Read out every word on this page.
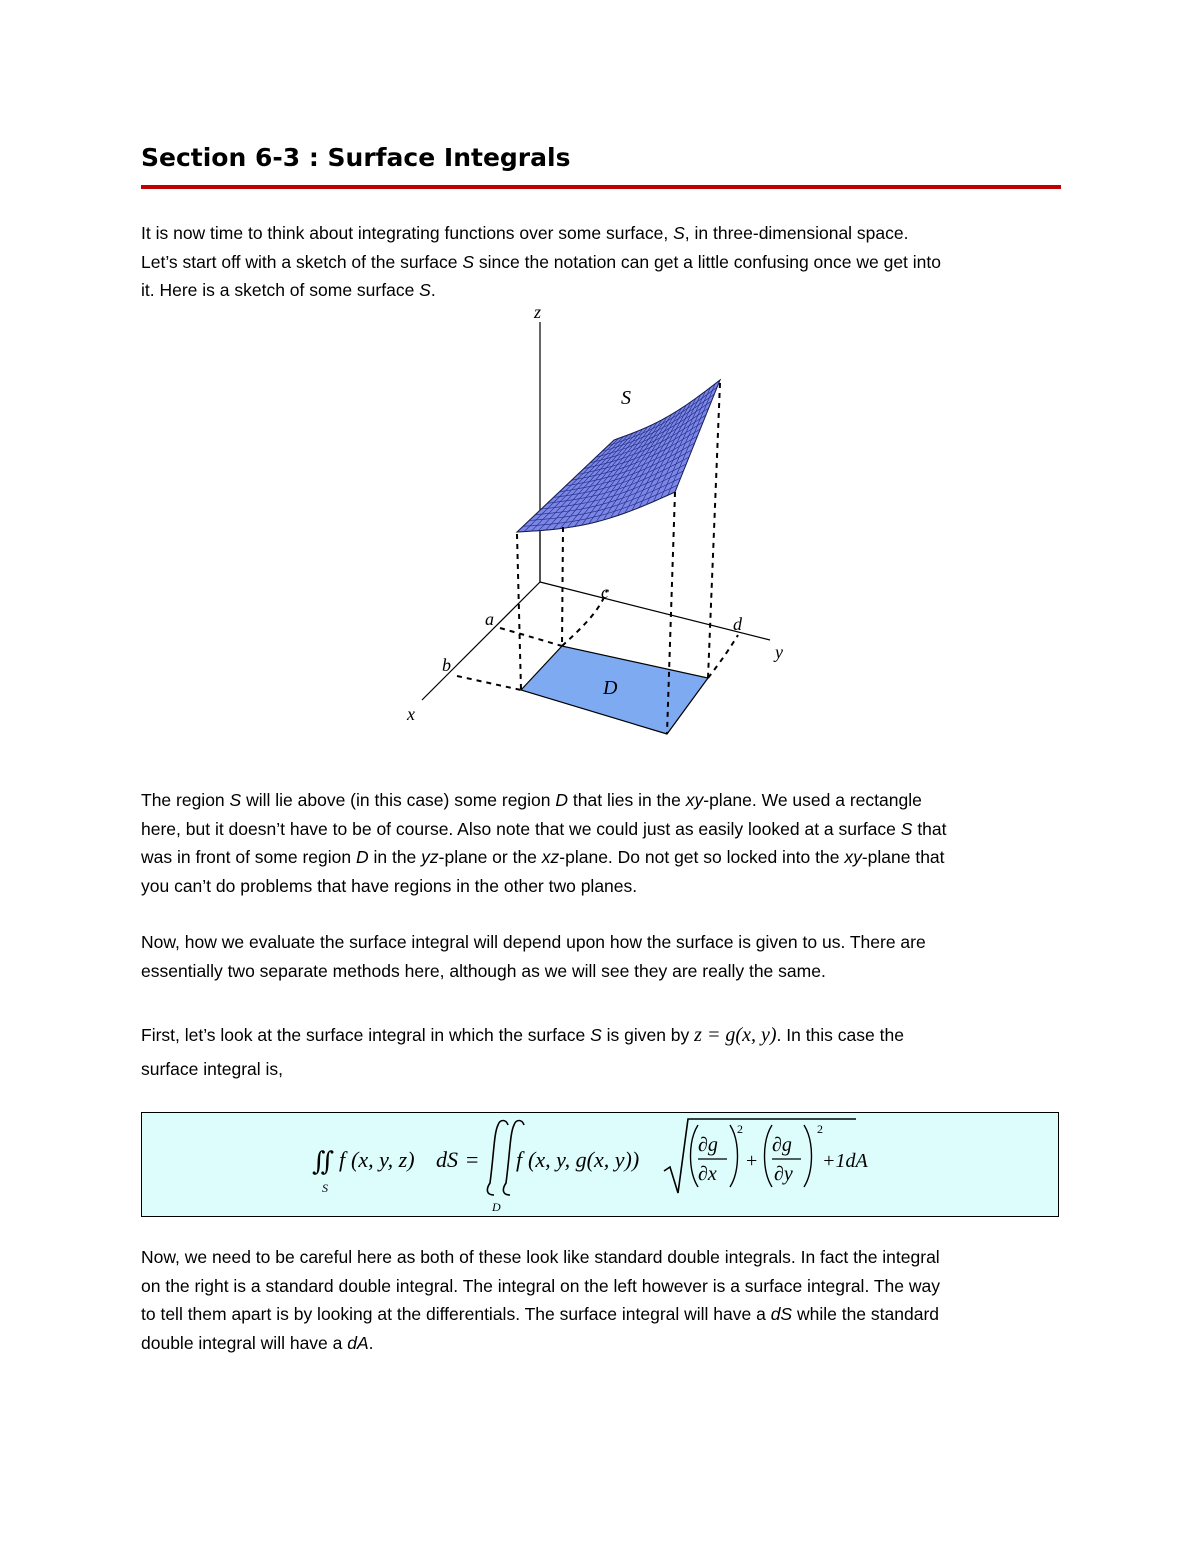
Section 6-3 : Surface Integrals

It is now time to think about integrating functions over some surface, S, in three-dimensional space.
Let’s start off with a sketch of the surface S since the notation can get a little confusing once we get into
it. Here is a sketch of some surface S.

z
y
x
S
D
a
b
c
d

The region S will lie above (in this case) some region D that lies in the xy-plane. We used a rectangle
here, but it doesn’t have to be of course. Also note that we could just as easily looked at a surface S that
was in front of some region D in the yz-plane or the xz-plane. Do not get so locked into the xy-plane that
you can’t do problems that have regions in the other two planes.

Now, how we evaluate the surface integral will depend upon how the surface is given to us. There are
essentially two separate methods here, although as we will see they are really the same.

First, let’s look at the surface integral in which the surface S is given by z = g(x, y). In this case the
surface integral is,

∬
S
f (x, y, z) dS =
D
f (x, y, g(x, y))
∂g
∂x
2
+
∂g
∂y
2
+1dA

Now, we need to be careful here as both of these look like standard double integrals. In fact the integral
on the right is a standard double integral. The integral on the left however is a surface integral. The way
to tell them apart is by looking at the differentials. The surface integral will have a dS while the standard
double integral will have a dA.
